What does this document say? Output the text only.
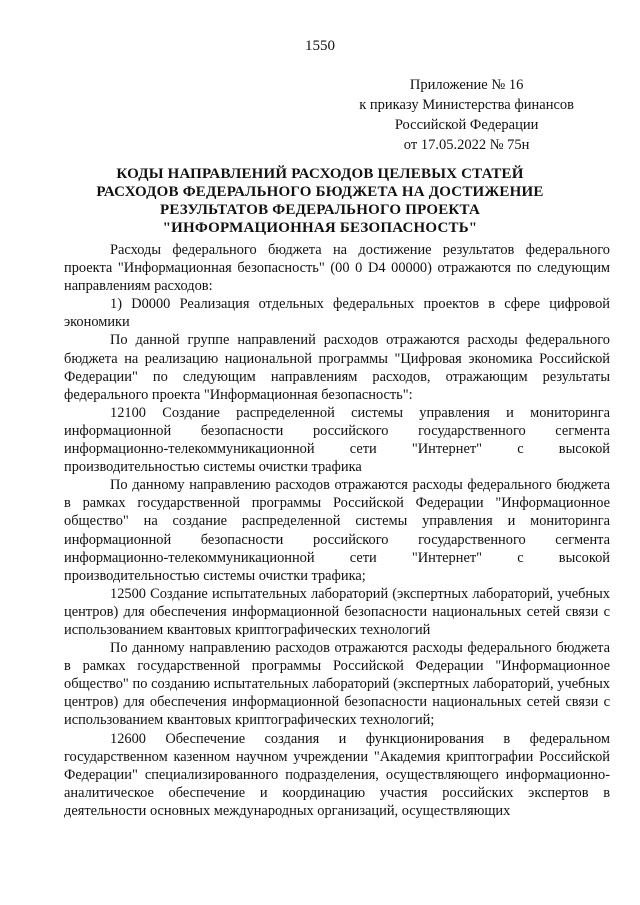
1550
Приложение № 16
к приказу Министерства финансов
Российской Федерации
от 17.05.2022 № 75н
КОДЫ НАПРАВЛЕНИЙ РАСХОДОВ ЦЕЛЕВЫХ СТАТЕЙ
РАСХОДОВ ФЕДЕРАЛЬНОГО БЮДЖЕТА НА ДОСТИЖЕНИЕ
РЕЗУЛЬТАТОВ ФЕДЕРАЛЬНОГО ПРОЕКТА
"ИНФОРМАЦИОННАЯ БЕЗОПАСНОСТЬ"

Расходы федерального бюджета на достижение результатов федерального проекта "Информационная безопасность" (00 0 D4 00000) отражаются по следующим направлениям расходов:

1) D0000 Реализация отдельных федеральных проектов в сфере цифровой экономики

По данной группе направлений расходов отражаются расходы федерального бюджета на реализацию национальной программы "Цифровая экономика Российской Федерации" по следующим направлениям расходов, отражающим результаты федерального проекта "Информационная безопасность":

12100 Создание распределенной системы управления и мониторинга информационной безопасности российского государственного сегмента информационно-телекоммуникационной сети "Интернет" с высокой производительностью системы очистки трафика

По данному направлению расходов отражаются расходы федерального бюджета в рамках государственной программы Российской Федерации "Информационное общество" на создание распределенной системы управления и мониторинга информационной безопасности российского государственного сегмента информационно-телекоммуникационной сети "Интернет" с высокой производительностью системы очистки трафика;

12500 Создание испытательных лабораторий (экспертных лабораторий, учебных центров) для обеспечения информационной безопасности национальных сетей связи с использованием квантовых криптографических технологий

По данному направлению расходов отражаются расходы федерального бюджета в рамках государственной программы Российской Федерации "Информационное общество" по созданию испытательных лабораторий (экспертных лабораторий, учебных центров) для обеспечения информационной безопасности национальных сетей связи с использованием квантовых криптографических технологий;

12600 Обеспечение создания и функционирования в федеральном государственном казенном научном учреждении "Академия криптографии Российской Федерации" специализированного подразделения, осуществляющего информационно-аналитическое обеспечение и координацию участия российских экспертов в деятельности основных международных организаций, осуществляющих
